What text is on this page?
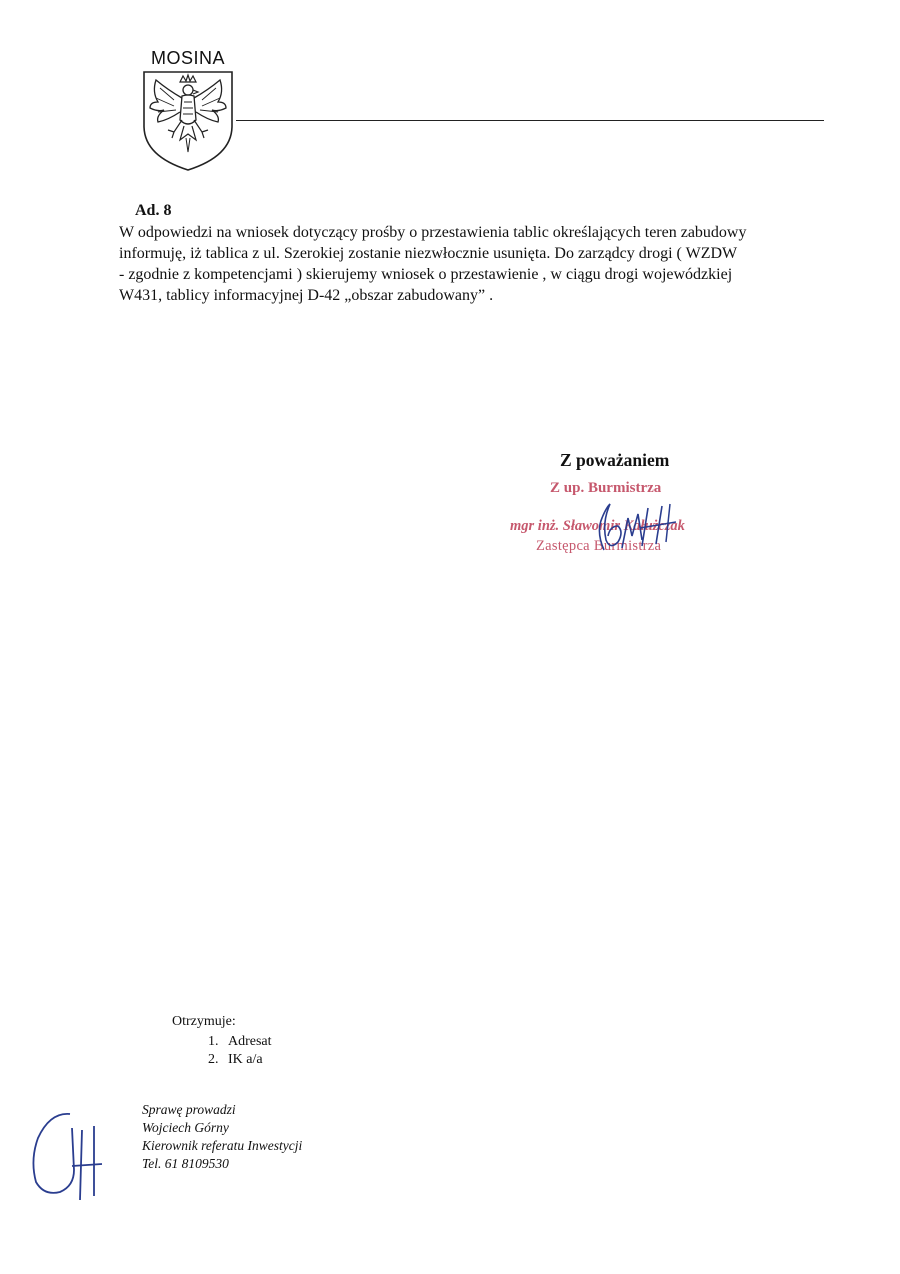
MOSINA
Ad. 8
W odpowiedzi na wniosek dotyczący prośby o przestawienia tablic określających teren zabudowy
informuję, iż tablica z ul. Szerokiej zostanie niezwłocznie usunięta. Do zarządcy drogi ( WZDW
- zgodnie z kompetencjami ) skierujemy wniosek o przestawienie , w ciągu drogi wojewódzkiej
W431, tablicy informacyjnej D-42 „obszar zabudowany” .
Z poważaniem
Z up. Burmistrza
mgr inż. Sławomir Kałużczak
Zastępca Burmistrza
Otrzymuje:
1. Adresat
2. IK a/a
Sprawę prowadzi
Wojciech Górny
Kierownik referatu Inwestycji
Tel. 61 8109530
